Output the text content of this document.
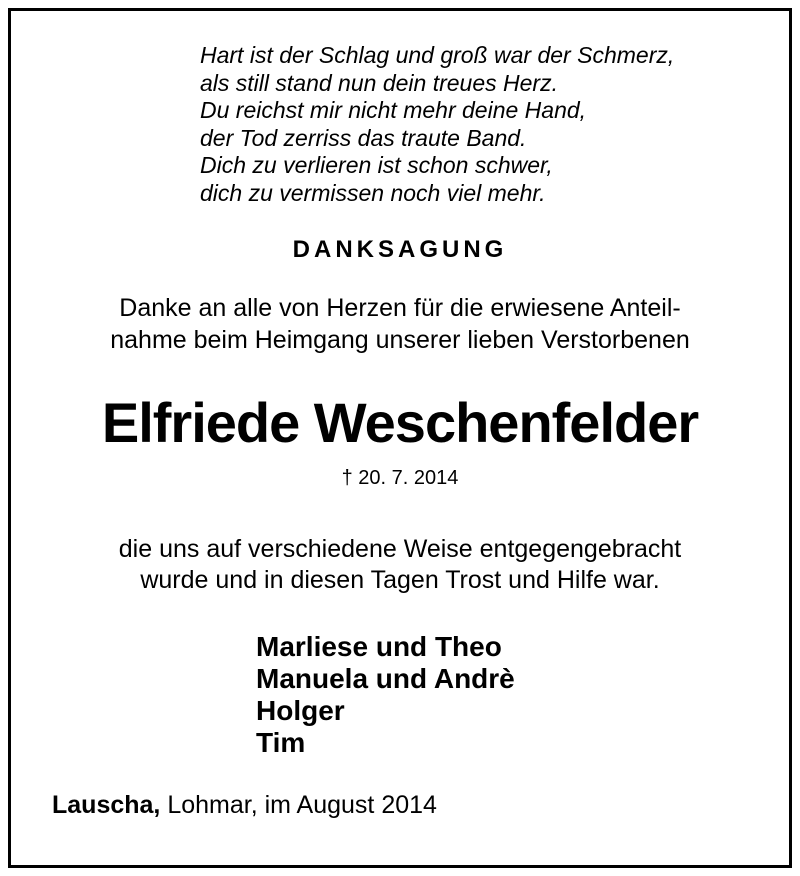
Hart ist der Schlag und groß war der Schmerz,
als still stand nun dein treues Herz.
Du reichst mir nicht mehr deine Hand,
der Tod zerriss das traute Band.
Dich zu verlieren ist schon schwer,
dich zu vermissen noch viel mehr.
DANKSAGUNG
Danke an alle von Herzen für die erwiesene Anteil-
nahme beim Heimgang unserer lieben Verstorbenen
Elfriede Weschenfelder
† 20. 7. 2014
die uns auf verschiedene Weise entgegengebracht
wurde und in diesen Tagen Trost und Hilfe war.
Marliese und Theo
Manuela und Andrè
Holger
Tim
Lauscha, Lohmar, im August 2014
